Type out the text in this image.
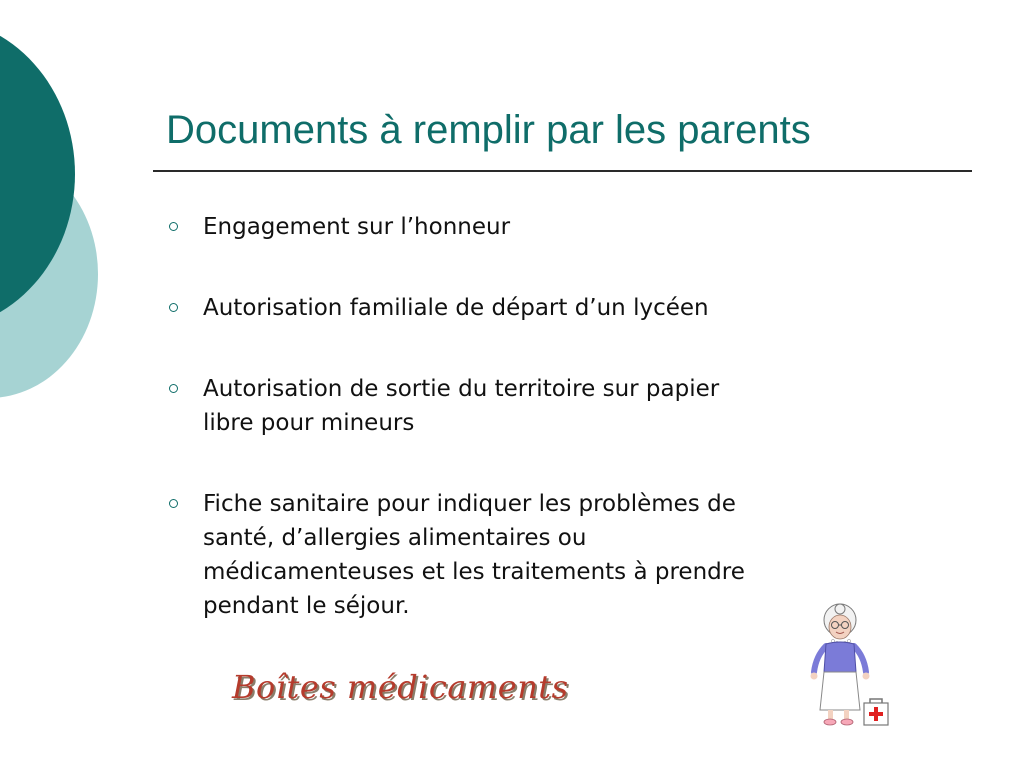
Documents à remplir par les parents
Engagement sur l’honneur
Autorisation familiale de départ d’un lycéen
Autorisation de sortie du territoire sur papier
libre pour mineurs
Fiche sanitaire pour indiquer les problèmes de
santé, d’allergies alimentaires ou
médicamenteuses et les traitements à prendre
pendant le séjour.
Boîtes médicaments
